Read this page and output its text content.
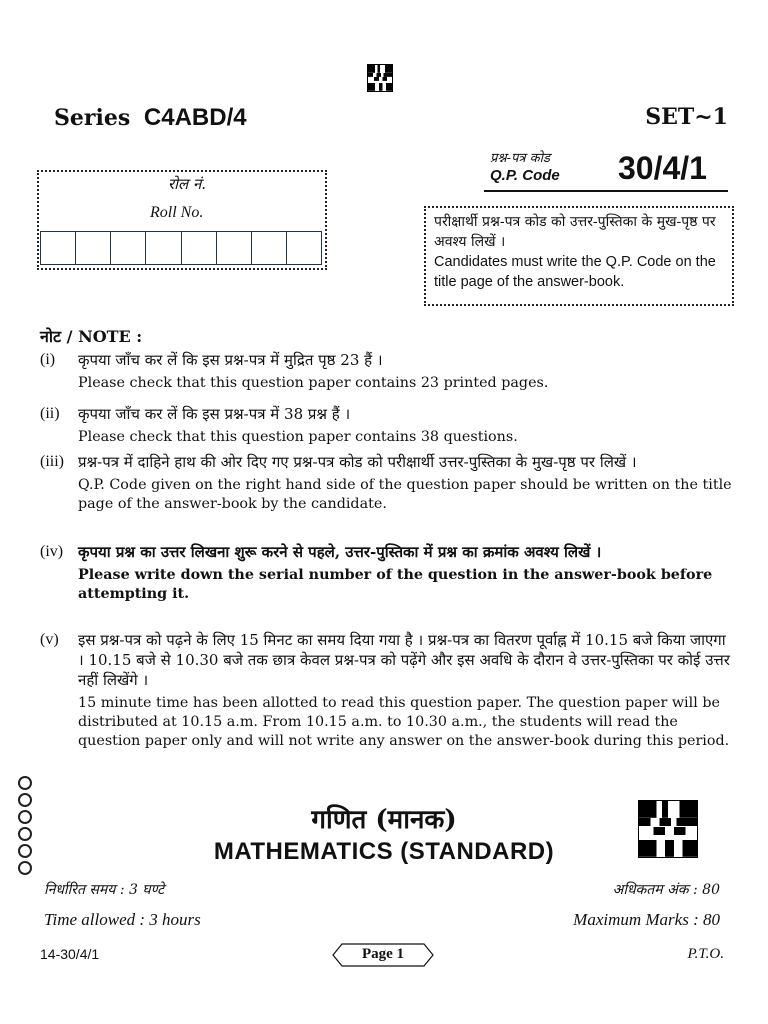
Series C4ABD/4	SET~1
प्रश्न-पत्र कोड
Q.P. Code 30/4/1
रोल नं.
Roll No.
परीक्षार्थी प्रश्न-पत्र कोड को उत्तर-पुस्तिका के मुख-पृष्ठ पर अवश्य लिखें ।
Candidates must write the Q.P. Code on the title page of the answer-book.
नोट / NOTE :
(i) कृपया जाँच कर लें कि इस प्रश्न-पत्र में मुद्रित पृष्ठ 23 हैं ।
Please check that this question paper contains 23 printed pages.
(ii) कृपया जाँच कर लें कि इस प्रश्न-पत्र में 38 प्रश्न हैं ।
Please check that this question paper contains 38 questions.
(iii) प्रश्न-पत्र में दाहिने हाथ की ओर दिए गए प्रश्न-पत्र कोड को परीक्षार्थी उत्तर-पुस्तिका के मुख-पृष्ठ पर लिखें ।
Q.P. Code given on the right hand side of the question paper should be written on the title page of the answer-book by the candidate.
(iv) कृपया प्रश्न का उत्तर लिखना शुरू करने से पहले, उत्तर-पुस्तिका में प्रश्न का क्रमांक अवश्य लिखें ।
Please write down the serial number of the question in the answer-book before attempting it.
(v) इस प्रश्न-पत्र को पढ़ने के लिए 15 मिनट का समय दिया गया है । प्रश्न-पत्र का वितरण पूर्वाह्न में 10.15 बजे किया जाएगा । 10.15 बजे से 10.30 बजे तक छात्र केवल प्रश्न-पत्र को पढ़ेंगे और इस अवधि के दौरान वे उत्तर-पुस्तिका पर कोई उत्तर नहीं लिखेंगे ।
15 minute time has been allotted to read this question paper. The question paper will be distributed at 10.15 a.m. From 10.15 a.m. to 10.30 a.m., the students will read the question paper only and will not write any answer on the answer-book during this period.
गणित (मानक)
MATHEMATICS (STANDARD)
निर्धारित समय : 3 घण्टे	अधिकतम अंक : 80
Time allowed : 3 hours	Maximum Marks : 80
14-30/4/1	Page 1	P.T.O.
